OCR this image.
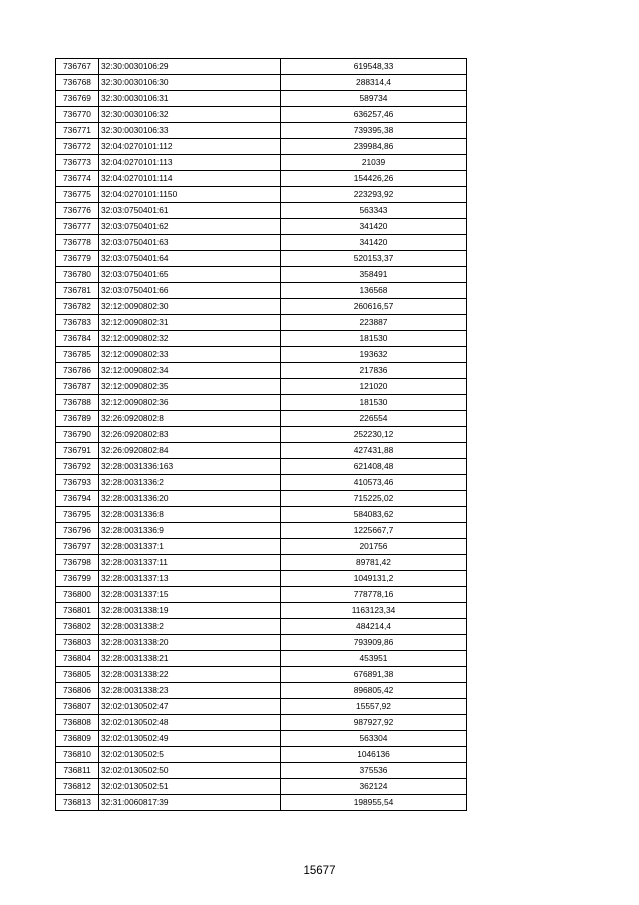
736767	32:30:0030106:29	619548,33
736768	32:30:0030106:30	288314,4
736769	32:30:0030106:31	589734
736770	32:30:0030106:32	636257,46
736771	32:30:0030106:33	739395,38
736772	32:04:0270101:112	239984,86
736773	32:04:0270101:113	21039
736774	32:04:0270101:114	154426,26
736775	32:04:0270101:1150	223293,92
736776	32:03:0750401:61	563343
736777	32:03:0750401:62	341420
736778	32:03:0750401:63	341420
736779	32:03:0750401:64	520153,37
736780	32:03:0750401:65	358491
736781	32:03:0750401:66	136568
736782	32:12:0090802:30	260616,57
736783	32:12:0090802:31	223887
736784	32:12:0090802:32	181530
736785	32:12:0090802:33	193632
736786	32:12:0090802:34	217836
736787	32:12:0090802:35	121020
736788	32:12:0090802:36	181530
736789	32:26:0920802:8	226554
736790	32:26:0920802:83	252230,12
736791	32:26:0920802:84	427431,88
736792	32:28:0031336:163	621408,48
736793	32:28:0031336:2	410573,46
736794	32:28:0031336:20	715225,02
736795	32:28:0031336:8	584083,62
736796	32:28:0031336:9	1225667,7
736797	32:28:0031337:1	201756
736798	32:28:0031337:11	89781,42
736799	32:28:0031337:13	1049131,2
736800	32:28:0031337:15	778778,16
736801	32:28:0031338:19	1163123,34
736802	32:28:0031338:2	484214,4
736803	32:28:0031338:20	793909,86
736804	32:28:0031338:21	453951
736805	32:28:0031338:22	676891,38
736806	32:28:0031338:23	896805,42
736807	32:02:0130502:47	15557,92
736808	32:02:0130502:48	987927,92
736809	32:02:0130502:49	563304
736810	32:02:0130502:5	1046136
736811	32:02:0130502:50	375536
736812	32:02:0130502:51	362124
736813	32:31:0060817:39	198955,54
15677
